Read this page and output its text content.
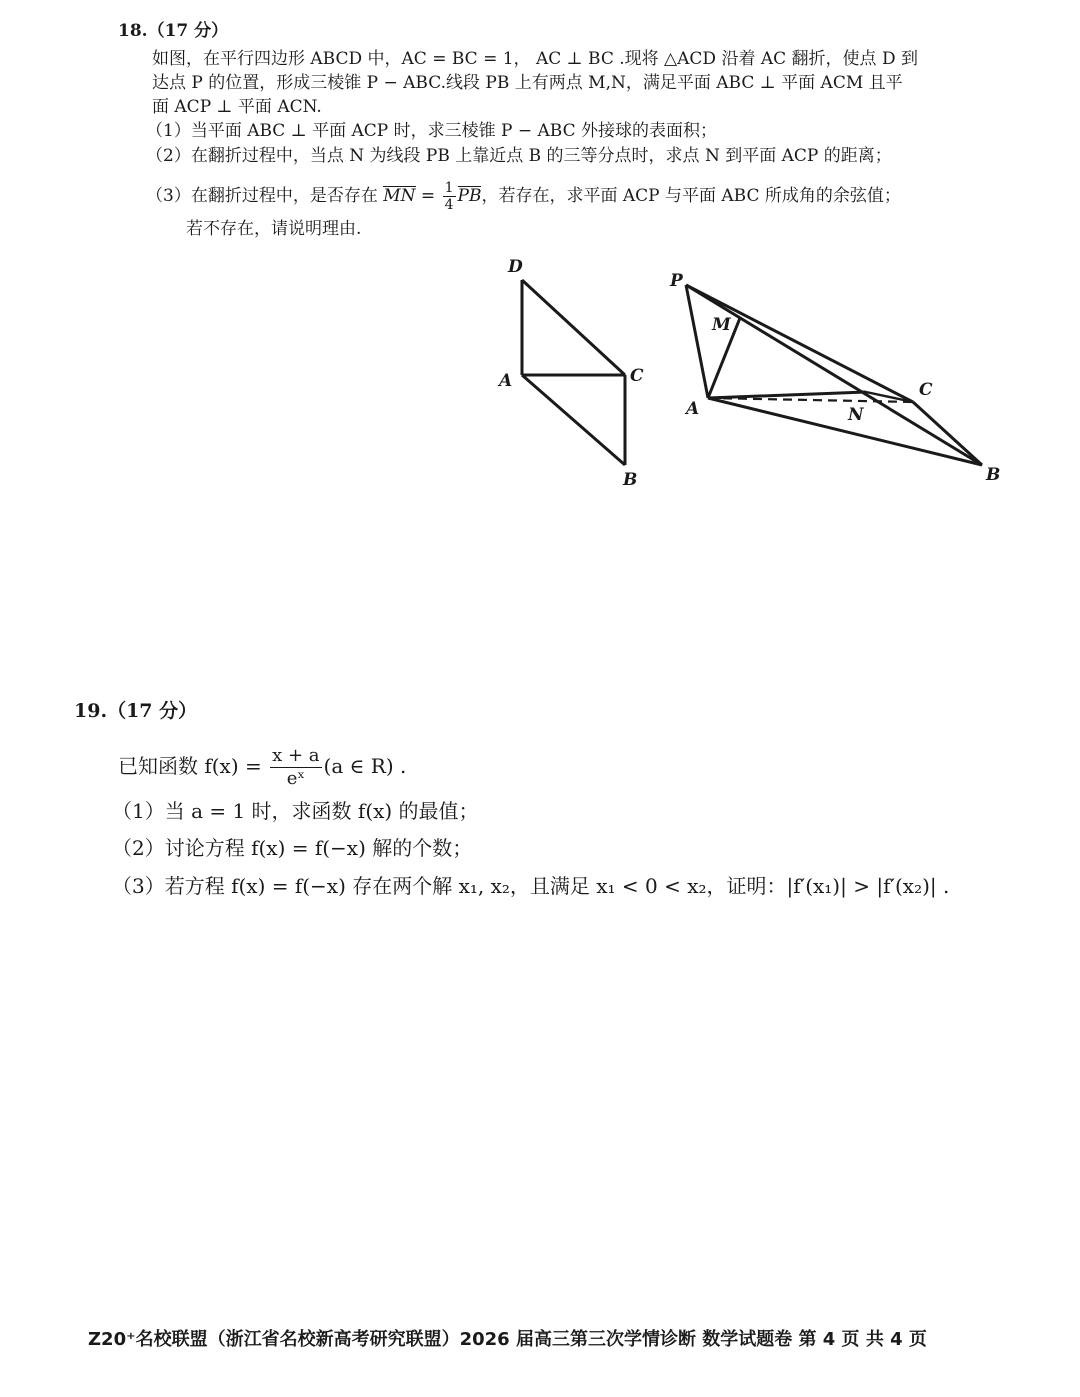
18.（17 分）
如图，在平行四边形 ABCD 中，AC = BC = 1， AC ⊥ BC .现将 △ACD 沿着 AC 翻折，使点 D 到
达点 P 的位置，形成三棱锥 P − ABC.线段 PB 上有两点 M,N，满足平面 ABC ⊥ 平面 ACM 且平
面 ACP ⊥ 平面 ACN.
（1）当平面 ABC ⊥ 平面 ACP 时，求三棱锥 P − ABC 外接球的表面积；
（2）在翻折过程中，当点 N 为线段 PB 上靠近点 B 的三等分点时，求点 N 到平面 ACP 的距离；
（3）在翻折过程中，是否存在 MN = $\frac{1}{4}$ PB，若存在，求平面 ACP 与平面 ABC 所成角的余弦值；
若不存在，请说明理由.
D
A	C
B
P
M
A	N
C
B
19.（17 分）
已知函数 $f(x) = \frac{x + a}{\text{eˣ}} (a$ ∈ R) .
（1）当 a = 1 时，求函数 f(x) 的最值；
（2）讨论方程 f(x) = f(−x) 解的个数；
（3）若方程 f(x) = f(−x) 存在两个解 x₁, x₂，且满足 x₁ < 0 < x₂，证明：|f′(x₁)| > |f′(x₂)| .
Z20⁺名校联盟（浙江省名校新高考研究联盟）2026 届高三第三次学情诊断 数学试题卷 第 4 页 共 4 页
